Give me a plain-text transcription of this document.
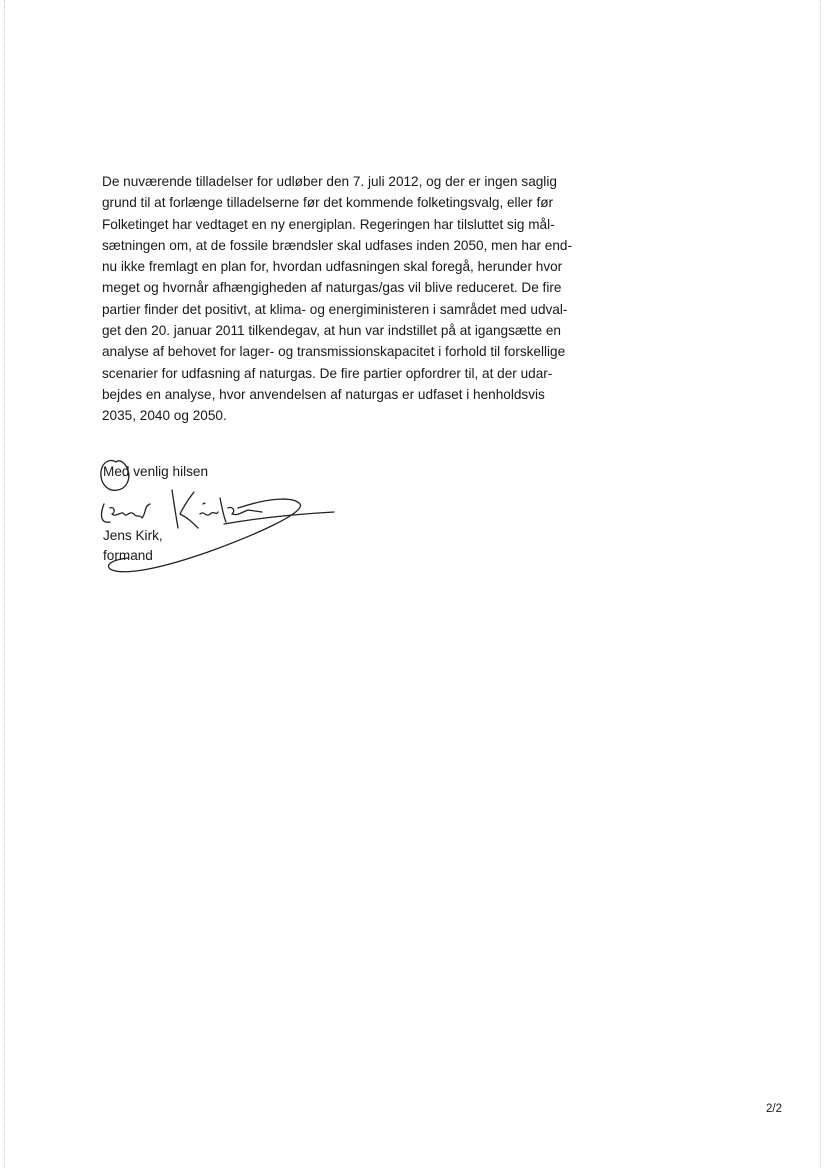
De nuværende tilladelser for udløber den 7. juli 2012, og der er ingen saglig
grund til at forlænge tilladelserne før det kommende folketingsvalg, eller før
Folketinget har vedtaget en ny energiplan. Regeringen har tilsluttet sig mål-
sætningen om, at de fossile brændsler skal udfases inden 2050, men har end-
nu ikke fremlagt en plan for, hvordan udfasningen skal foregå, herunder hvor
meget og hvornår afhængigheden af naturgas/gas vil blive reduceret. De fire
partier finder det positivt, at klima- og energiministeren i samrådet med udval-
get den 20. januar 2011 tilkendegav, at hun var indstillet på at igangsætte en
analyse af behovet for lager- og transmissionskapacitet i forhold til forskellige
scenarier for udfasning af naturgas. De fire partier opfordrer til, at der udar-
bejdes en analyse, hvor anvendelsen af naturgas er udfaset i henholdsvis
2035, 2040 og 2050.

Med venlig hilsen

Jens Kirk,
formand
2/2
